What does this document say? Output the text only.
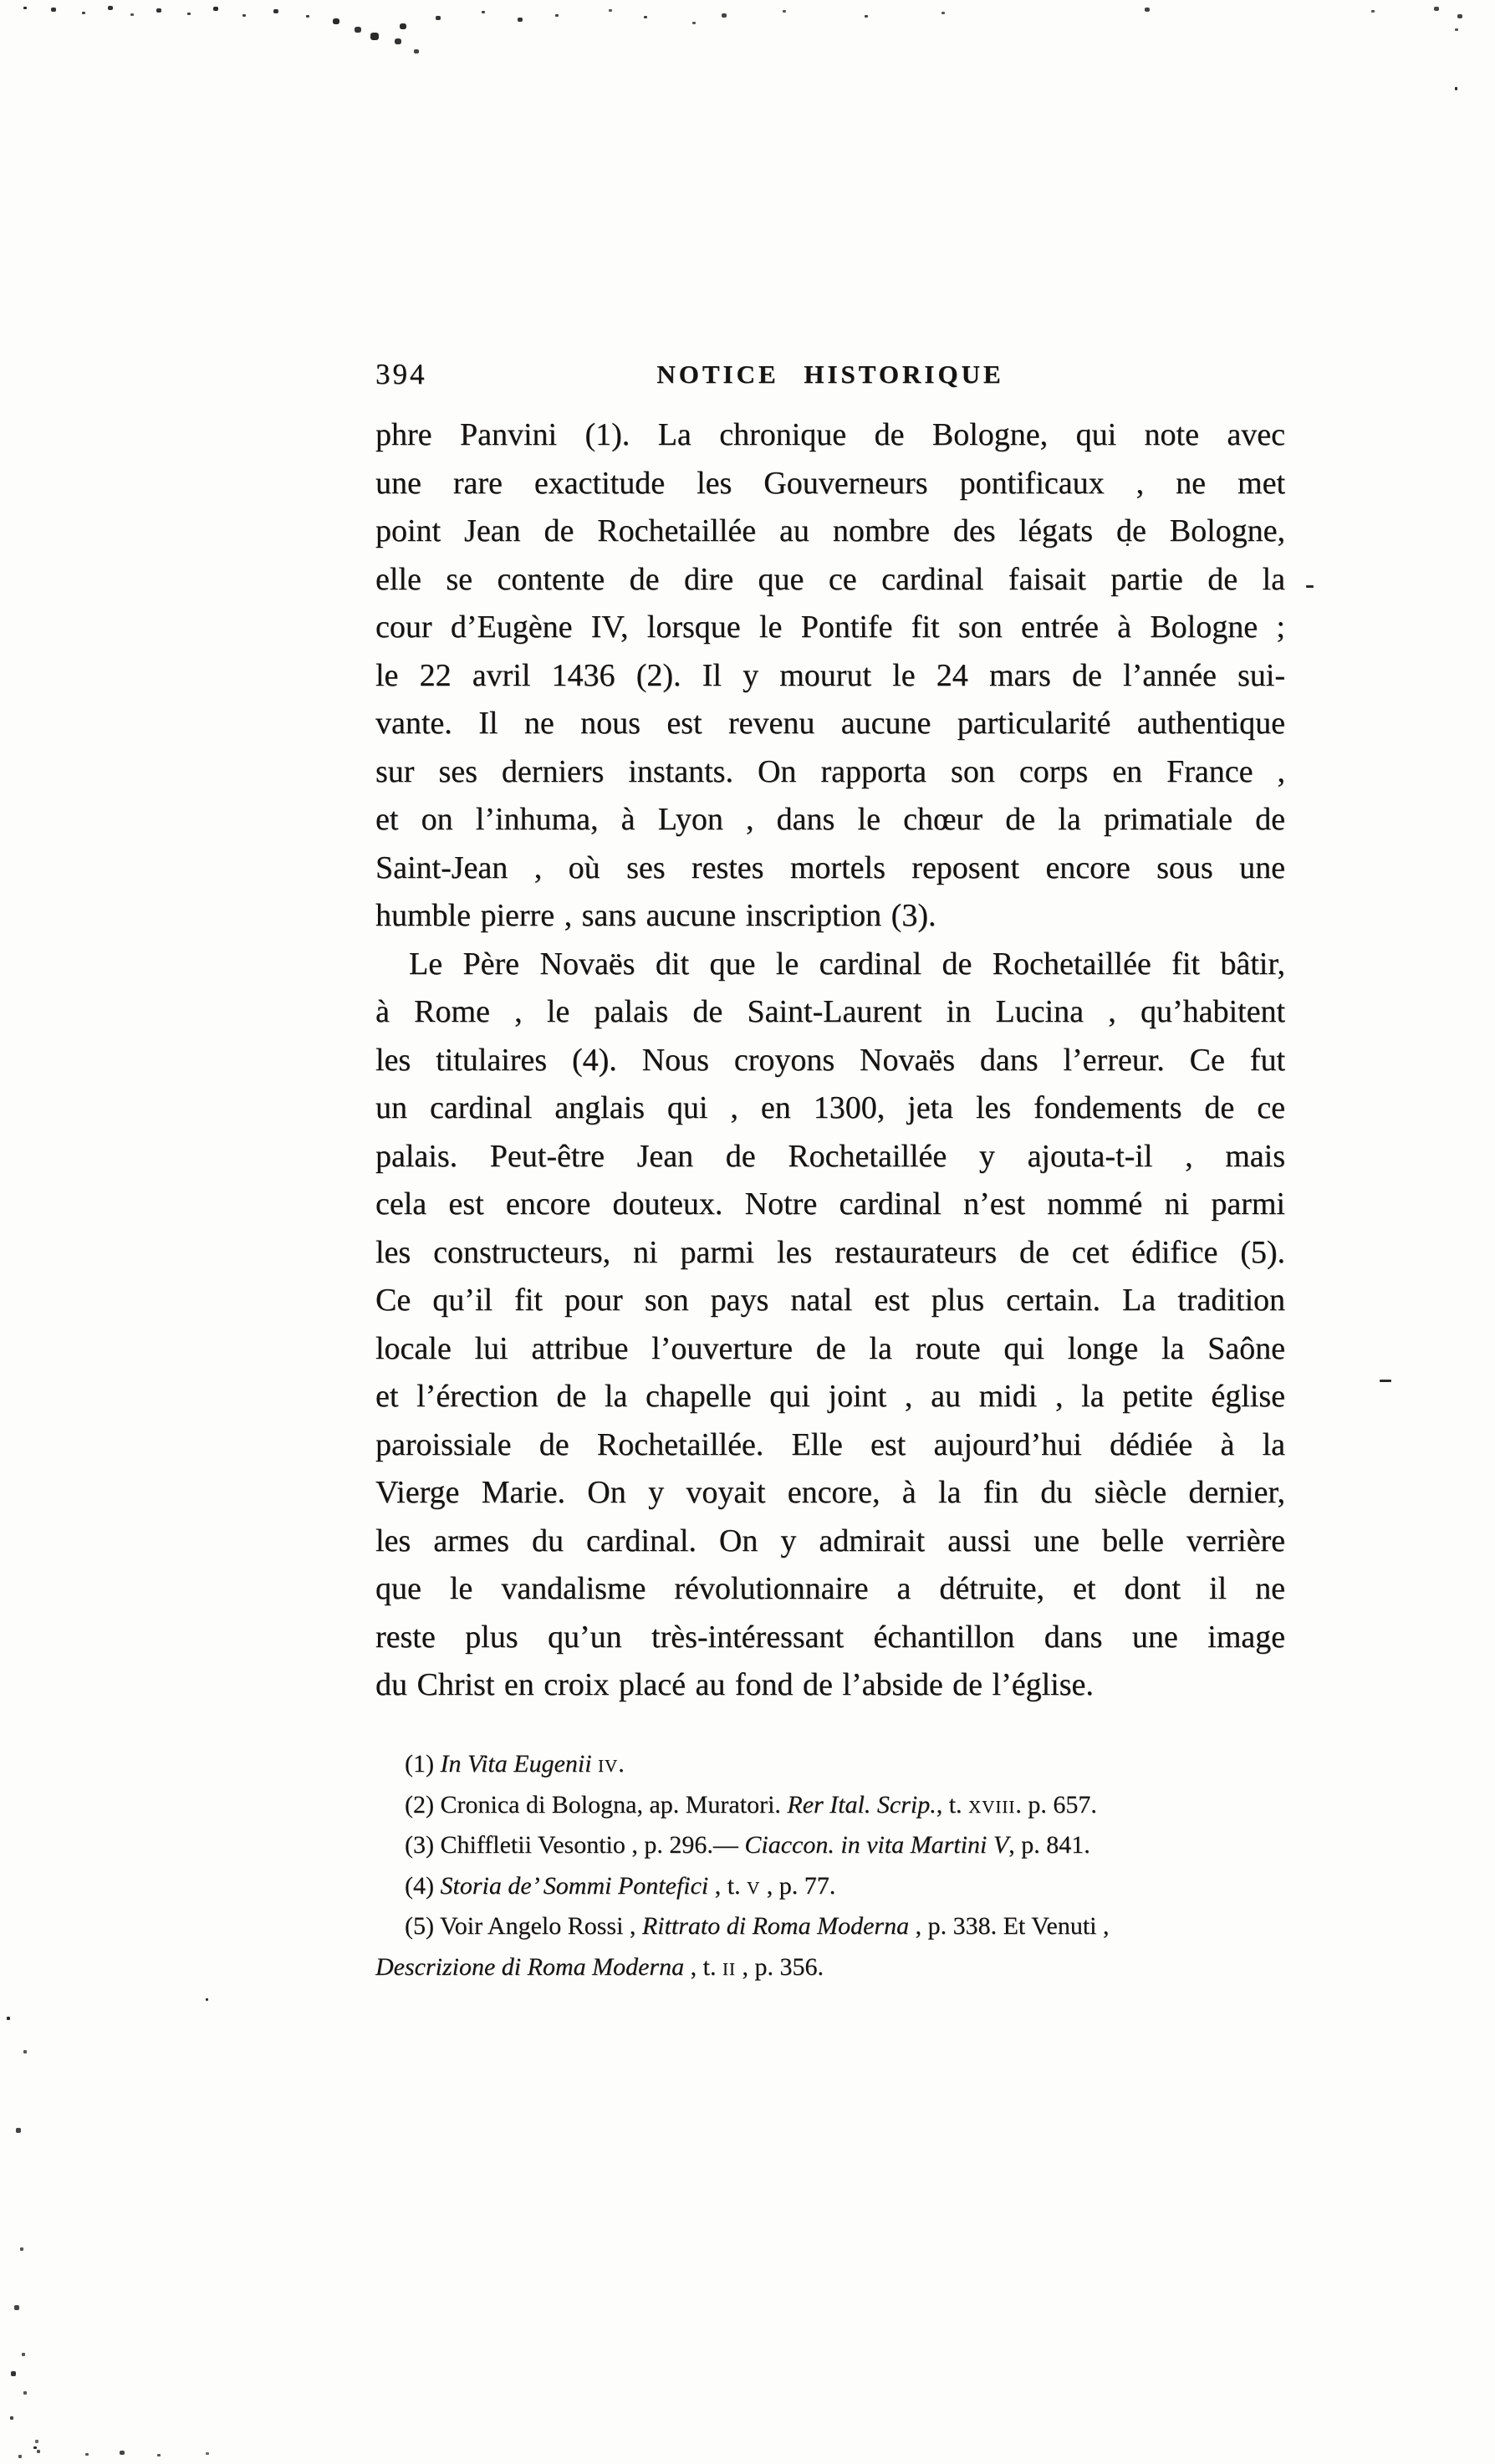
394	NOTICE HISTORIQUE
phre Panvini (1). La chronique de Bologne, qui note avec
une rare exactitude les Gouverneurs pontificaux , ne met
point Jean de Rochetaillée au nombre des légats de Bologne,
elle se contente de dire que ce cardinal faisait partie de la
cour d’Eugène IV, lorsque le Pontife fit son entrée à Bologne ;
le 22 avril 1436 (2). Il y mourut le 24 mars de l’année sui-
vante. Il ne nous est revenu aucune particularité authentique
sur ses derniers instants. On rapporta son corps en France ,
et on l’inhuma, à Lyon , dans le chœur de la primatiale de
Saint-Jean , où ses restes mortels reposent encore sous une
humble pierre , sans aucune inscription (3).
Le Père Novaës dit que le cardinal de Rochetaillée fit bâtir,
à Rome , le palais de Saint-Laurent in Lucina , qu’habitent
les titulaires (4). Nous croyons Novaës dans l’erreur. Ce fut
un cardinal anglais qui , en 1300, jeta les fondements de ce
palais. Peut-être Jean de Rochetaillée y ajouta-t-il , mais
cela est encore douteux. Notre cardinal n’est nommé ni parmi
les constructeurs, ni parmi les restaurateurs de cet édifice (5).
Ce qu’il fit pour son pays natal est plus certain. La tradition
locale lui attribue l’ouverture de la route qui longe la Saône
et l’érection de la chapelle qui joint , au midi , la petite église
paroissiale de Rochetaillée. Elle est aujourd’hui dédiée à la
Vierge Marie. On y voyait encore, à la fin du siècle dernier,
les armes du cardinal. On y admirait aussi une belle verrière
que le vandalisme révolutionnaire a détruite, et dont il ne
reste plus qu’un très-intéressant échantillon dans une image
du Christ en croix placé au fond de l’abside de l’église.
(1) In Vita Eugenii iv.
(2) Cronica di Bologna, ap. Muratori. Rer Ital. Scrip., t. xviii. p. 657.
(3) Chiffletii Vesontio , p. 296.— Ciaccon. in vita Martini V, p. 841.
(4) Storia de’ Sommi Pontefici , t. v , p. 77.
(5) Voir Angelo Rossi , Rittrato di Roma Moderna , p. 338. Et Venuti ,
Descrizione di Roma Moderna , t. ii , p. 356.
